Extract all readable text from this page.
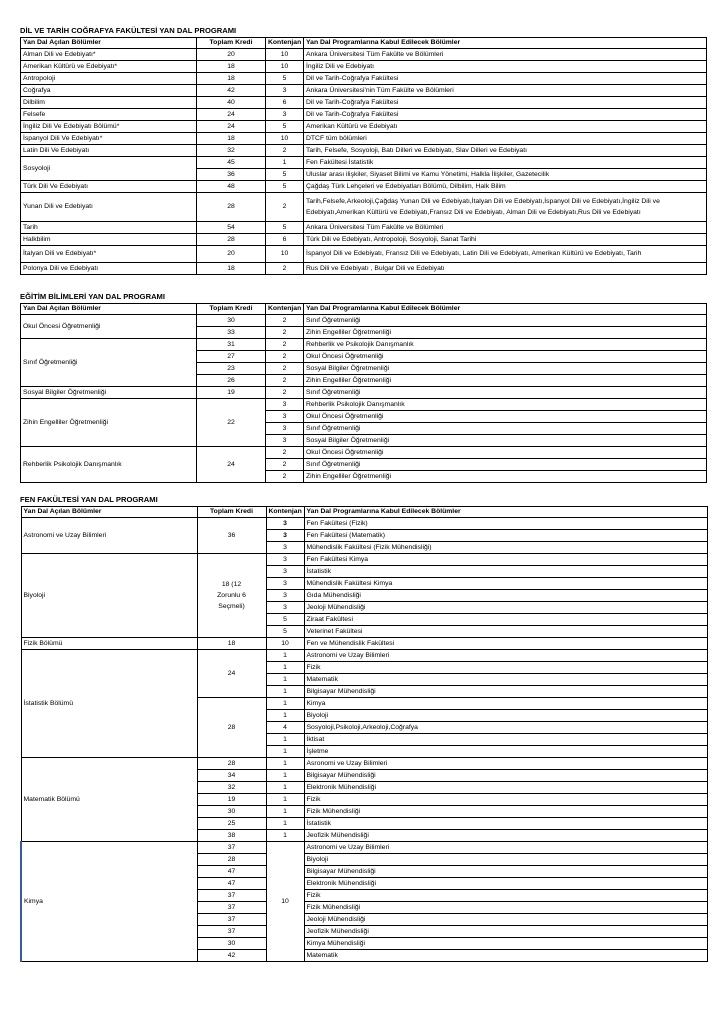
DİL VE TARİH COĞRAFYA FAKÜLTESİ YAN DAL PROGRAMI
Yan Dal Açılan Bölümler	Toplam Kredi	Kontenjan	Yan Dal Programlarına Kabul Edilecek Bölümler
Alman Dili ve Edebiyatı*	20	10	Ankara Üniversitesi Tüm Fakülte ve Bölümleri
Amerikan Kültürü ve Edebiyatı*	18	10	İngiliz Dili ve Edebiyatı
Antropoloji	18	5	Dil ve Tarih-Coğrafya Fakültesi
Coğrafya	42	3	Ankara Üniversitesi'nin Tüm Fakülte ve Bölümleri
Dilbilim	40	6	Dil ve Tarih-Coğrafya Fakültesi
Felsefe	24	3	Dil ve Tarih-Coğrafya Fakültesi
İngiliz Dili Ve Edebiyatı Bölümü*	24	5	Amerikan Kültürü ve Edebiyatı
İspanyol Dili Ve Edebiyatı*	18	10	DTCF tüm bölümleri
Latin Dili Ve Edebiyatı	32	2	Tarih, Felsefe, Sosyoloji, Batı Dilleri ve Edebiyatı, Slav Dilleri ve Edebiyatı
Sosyoloji	45	1	Fen Fakültesi İstatistik
	36	5	Uluslar arası ilişkiler, Siyaset Bilimi ve Kamu Yönetimi, Halkla İlişkiler, Gazetecilik
Türk Dili Ve Edebiyatı	48	5	Çağdaş Türk Lehçeleri ve Edebiyatları Bölümü, Dilbilim, Halk Bilim
Yunan Dili ve Edebiyatı	28	2	Tarih,Felsefe,Arkeoloji,Çağdaş Yunan Dili ve Edebiyatı,İtalyan Dili ve Edebiyatı,İspanyol Dili ve Edebiyatı,İngiliz Dili ve Edebiyatı,Amerikan Kültürü ve Edebiyatı,Fransız Dili ve Edebiyatı, Alman Dili ve Edebiyatı,Rus Dili ve Edebiyatı
Tarih	54	5	Ankara Üniversitesi Tüm Fakülte ve Bölümleri
Halkbilim	28	6	Türk Dili ve Edebiyatı, Antropoloji, Sosyoloji, Sanat Tarihi
İtalyan Dili ve Edebiyatı*	20	10	İspanyol Dili ve Edebiyatı, Fransız Dili ve Edebiyatı, Latin Dili ve Edebiyatı, Amerikan Kültürü ve Edebiyatı, Tarih
Polonya Dili ve Edebiyatı	18	2	Rus Dili ve Edebiyatı , Bulgar Dili ve Edebiyatı
EĞİTİM BİLİMLERİ YAN DAL PROGRAMI
Yan Dal Açılan Bölümler	Toplam Kredi	Kontenjan	Yan Dal Programlarına Kabul Edilecek Bölümler
Okul Öncesi Öğretmenliği	30	2	Sınıf Öğretmenliği
	33	2	Zihin Engelliler Öğretmenliği
Sınıf Öğretmenliği	31	2	Rehberlik ve Psikolojik Danışmanlık
	27	2	Okul Öncesi Öğretmenliği
	23	2	Sosyal Bilgiler Öğretmenliği
	26	2	Zihin Engelliler Öğretmenliği
Sosyal Bilgiler Öğretmenliği	19	2	Sınıf Öğretmenliği
Zihin Engelliler Öğretmenliği	22	3	Rehberlik Psikolojik Danışmanlık
		3	Okul Öncesi Öğretmenliği
		3	Sınıf Öğretmenliği
		3	Sosyal Bilgiler Öğretmenliği
Rehberlik Psikolojik Danışmanlık	24	2	Okul Öncesi Öğretmenliği
		2	Sınıf Öğretmenliği
		2	Zihin Engelliler Öğretmenliği
FEN FAKÜLTESİ YAN DAL PROGRAMI
Yan Dal Açılan Bölümler	Toplam Kredi	Kontenjan	Yan Dal Programlarına Kabul Edilecek Bölümler
Astronomi ve Uzay Bilimleri	36	3	Fen Fakültesi (Fizik)
		3	Fen Fakültesi (Matematik)
		3	Mühendislik Fakültesi (Fizik Mühendisliği)
Biyoloji	18 (12 Zorunlu 6 Seçmeli)	3	Fen Fakültesi Kimya
		3	İstatistik
		3	Mühendislik Fakültesi Kimya
		3	Gıda Mühendisliği
		3	Jeoloji Mühendisliği
		5	Ziraat Fakültesi
		5	Veterinet Fakültesi
Fizik Bölümü	18	10	Fen ve Mühendislik Fakültesi
İstatistik Bölümü	24	1	Astronomi ve Uzay Bilimleri
		1	Fizik
		1	Matematik
		1	Bilgisayar Mühendisliği
	28	1	Kimya
		1	Biyoloji
		4	Sosyoloji,Psikoloji,Arkeoloji,Coğrafya
		1	İktisat
		1	İşletme
Matematik Bölümü	28	1	Asronomi ve Uzay Bilimleri
	34	1	Bilgisayar Mühendisliği
	32	1	Elektronik Mühendisliği
	19	1	Fizik
	30	1	Fizik Mühendisliği
	25	1	İstatistik
	38	1	Jeofizik Mühendisliği
Kimya	37	10	Astronomi ve Uzay Bilimleri
	28		Biyoloji
	47		Bilgisayar Mühendisliği
	47		Elektronik Mühendisliği
	37		Fizik
	37		Fizik Mühendisliği
	37		Jeoloji Mühendisliği
	37		Jeofizik Mühendisliği
	30		Kimya Mühendisliği
	42		Matematik
